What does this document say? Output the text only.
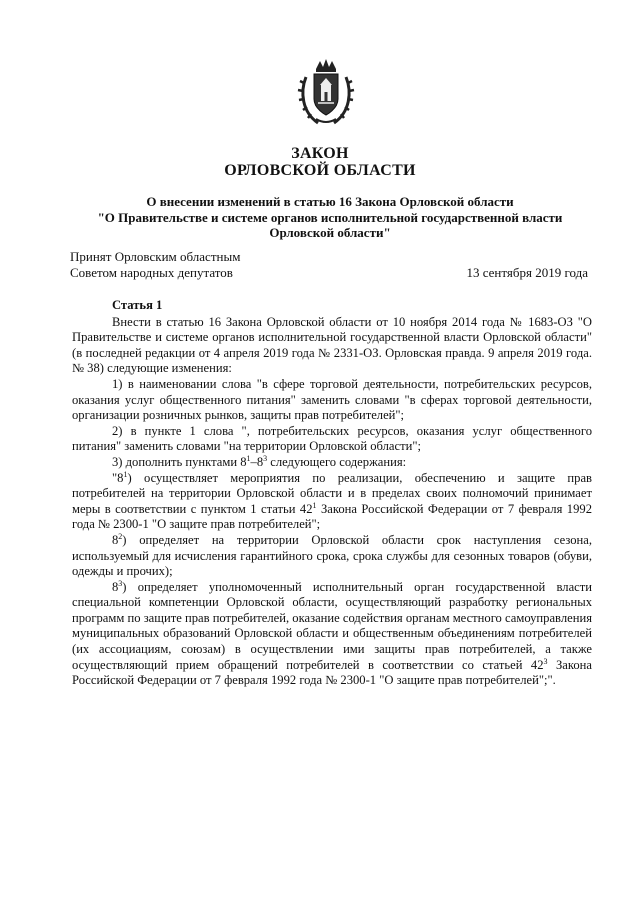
ЗАКОН
ОРЛОВСКОЙ ОБЛАСТИ
О внесении изменений в статью 16 Закона Орловской области
"О Правительстве и системе органов исполнительной государственной власти
Орловской области"
Принят Орловским областным
Советом народных депутатов	13 сентября 2019 года
Статья 1

Внести в статью 16 Закона Орловской области от 10 ноября 2014 года № 1683-ОЗ "О Правительстве и системе органов исполнительной государственной власти Орловской области" (в последней редакции от 4 апреля 2019 года № 2331-ОЗ. Орловская правда. 9 апреля 2019 года. № 38) следующие изменения:

1) в наименовании слова "в сфере торговой деятельности, потребительских ресурсов, оказания услуг общественного питания" заменить словами "в сферах торговой деятельности, организации розничных рынков, защиты прав потребителей";

2) в пункте 1 слова ", потребительских ресурсов, оказания услуг общественного питания" заменить словами "на территории Орловской области";

3) дополнить пунктами $8^1-8^3$ следующего содержания:

"$8^1$) осуществляет мероприятия по реализации, обеспечению и защите прав потребителей на территории Орловской области и в пределах своих полномочий принимает меры в соответствии с пунктом 1 статьи $42^1$ Закона Российской Федерации от 7 февраля 1992 года № 2300-1 "О защите прав потребителей";

$8^2$) определяет на территории Орловской области срок наступления сезона, используемый для исчисления гарантийного срока, срока службы для сезонных товаров (обуви, одежды и прочих);

$8^3$) определяет уполномоченный исполнительный орган государственной власти специальной компетенции Орловской области, осуществляющий разработку региональных программ по защите прав потребителей, оказание содействия органам местного самоуправления муниципальных образований Орловской области и общественным объединениям потребителей (их ассоциациям, союзам) в осуществлении ими защиты прав потребителей, а также осуществляющий прием обращений потребителей в соответствии со статьей $42^3$ Закона Российской Федерации от 7 февраля 1992 года № 2300-1 "О защите прав потребителей";".
